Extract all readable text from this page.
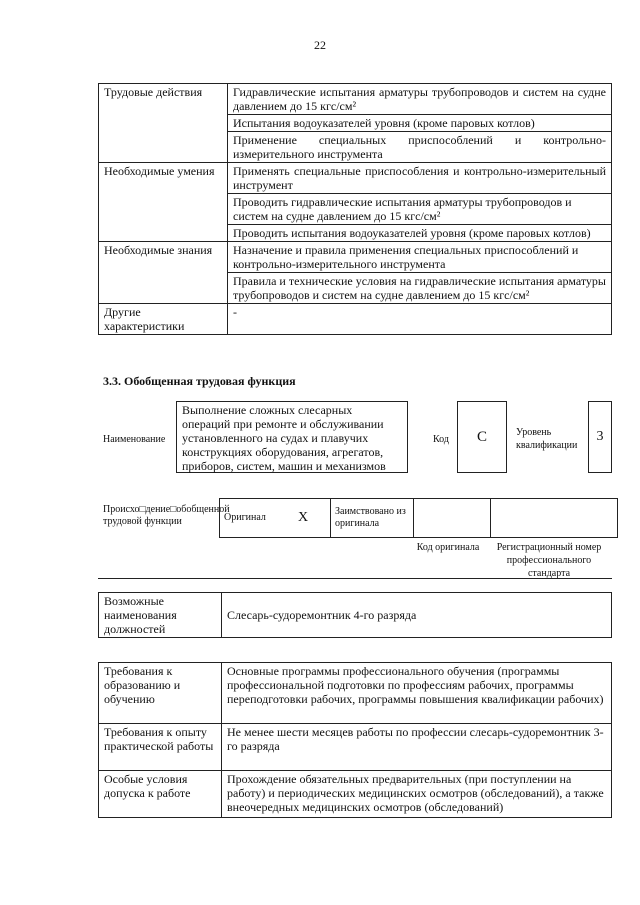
22
Трудовые действия	Гидравлические испытания арматуры трубопроводов и систем на судне давлением до 15 кгс/см²
	Испытания водоуказателей уровня (кроме паровых котлов)
	Применение специальных приспособлений и контрольно-измерительного инструмента
Необходимые умения	Применять специальные приспособления и контрольно-измерительный инструмент
	Проводить гидравлические испытания арматуры трубопроводов и систем на судне давлением до 15 кгс/см²
	Проводить испытания водоуказателей уровня (кроме паровых котлов)
Необходимые знания	Назначение и правила применения специальных приспособлений и контрольно-измерительного инструмента
	Правила и технические условия на гидравлические испытания арматуры трубопроводов и систем на судне давлением до 15 кгс/см²
Другие характеристики	-
3.3. Обобщенная трудовая функция
Наименование
Выполнение сложных слесарных операций при ремонте и обслуживании установленного на судах и плавучих конструкциях оборудования, агрегатов, приборов, систем, машин и механизмов
Код	C	Уровень
квалификации
3
Происхо□дение□обобщенной трудовой функции	Оригинал	X	Заимствовано из оригинала		
Код оригинала	Регистрационный номер профессионального стандарта
Возможные наименования должностей	Слесарь-судоремонтник 4-го разряда
Требования к образованию и обучению	Основные программы профессионального обучения (программы профессиональной подготовки по профессиям рабочих, программы переподготовки рабочих, программы повышения квалификации рабочих)
Требования к опыту практической работы	Не менее шести месяцев работы по профессии слесарь-судоремонтник 3-го разряда
Особые условия допуска к работе	Прохождение обязательных предварительных (при поступлении на работу) и периодических медицинских осмотров (обследований), а также внеочередных медицинских осмотров (обследований)
